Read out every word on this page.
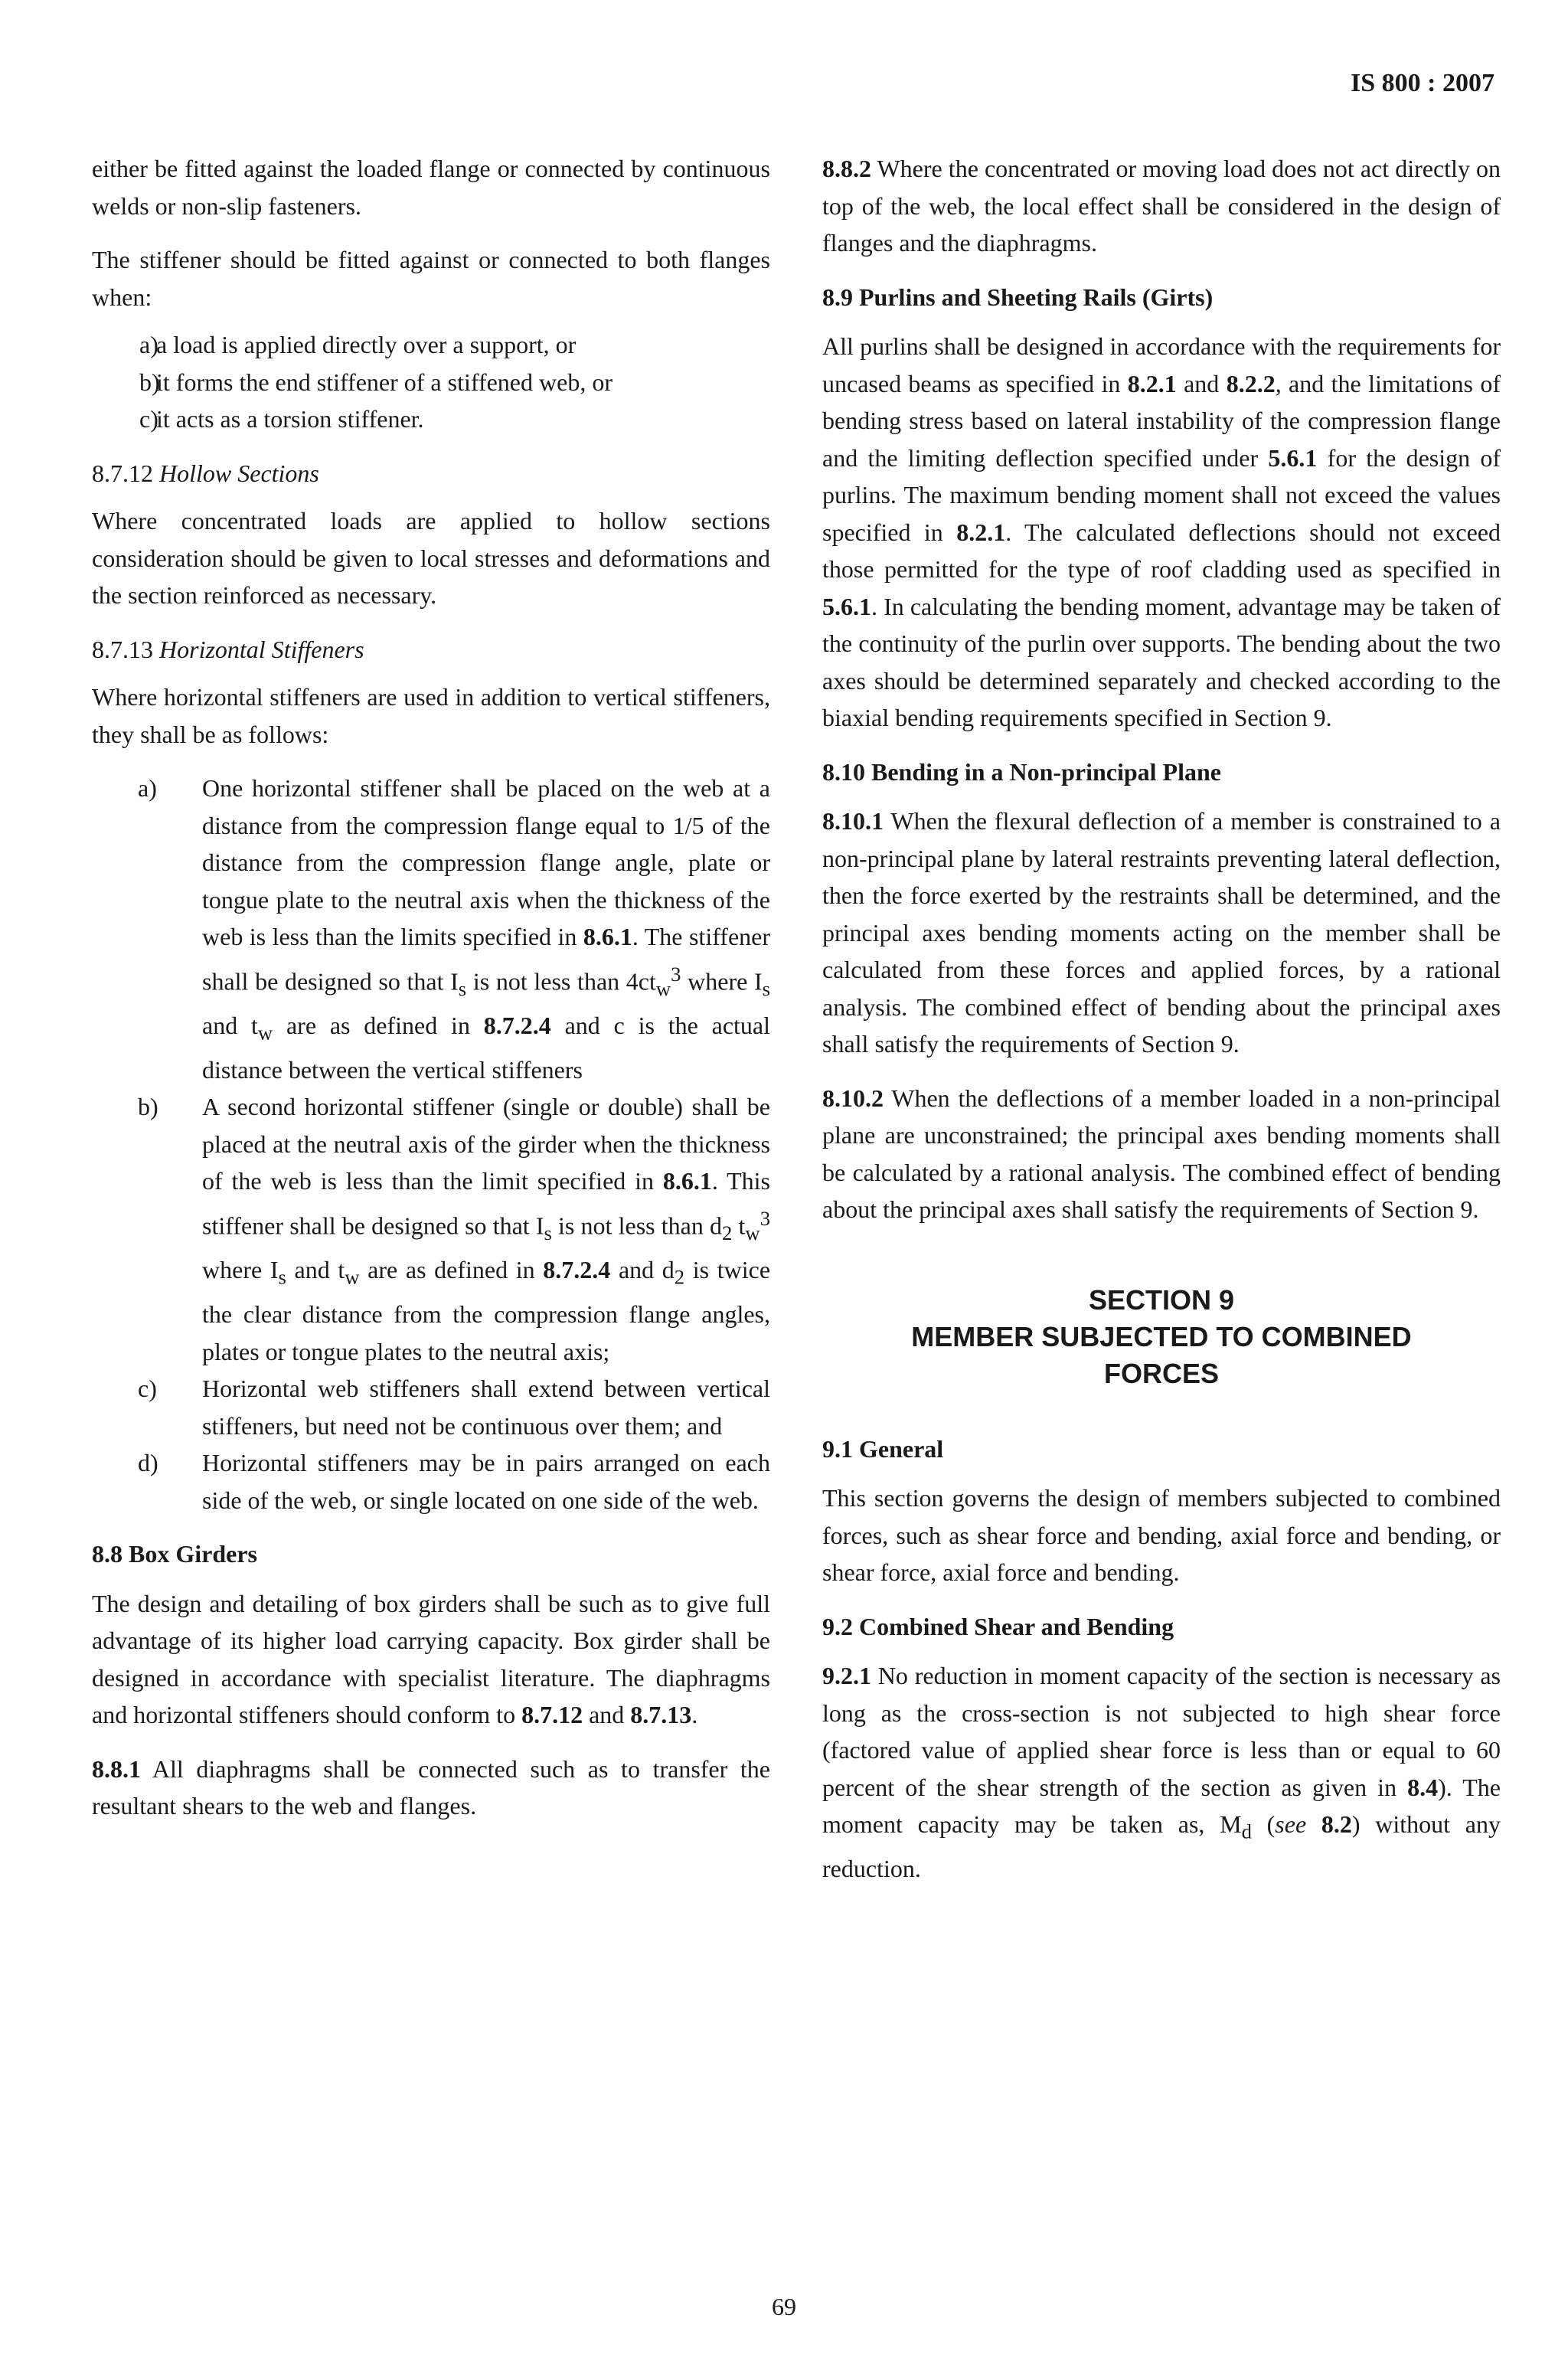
IS 800 : 2007

either be fitted against the loaded flange or connected by continuous welds or non-slip fasteners.

The stiffener should be fitted against or connected to both flanges when:

a)
a load is applied directly over a support, or
b)
it forms the end stiffener of a stiffened web, or
c)
it acts as a torsion stiffener.

8.7.12 Hollow Sections

Where concentrated loads are applied to hollow sections consideration should be given to local stresses and deformations and the section reinforced as necessary.

8.7.13 Horizontal Stiffeners

Where horizontal stiffeners are used in addition to vertical stiffeners, they shall be as follows:

a)	One horizontal stiffener shall be placed on the web at a distance from the compression flange equal to 1/5 of the distance from the compression flange angle, plate or tongue plate to the neutral axis when the thickness of the web is less than the limits specified in 8.6.1. The stiffener shall be designed so that $I_s$ is not less than $4ct_w^3$ where $I_s$ and $t_w$ are as defined in 8.7.2.4 and c is the actual distance between the vertical stiffeners
b)	A second horizontal stiffener (single or double) shall be placed at the neutral axis of the girder when the thickness of the web is less than the limit specified in 8.6.1. This stiffener shall be designed so that $I_s$ is not less than $d_2$ $t_w^3$ where $I_s$ and $t_w$ are as defined in 8.7.2.4 and $d_2$ is twice the clear distance from the compression flange angles, plates or tongue plates to the neutral axis;
c)	Horizontal web stiffeners shall extend between vertical stiffeners, but need not be continuous over them; and
d)	Horizontal stiffeners may be in pairs arranged on each side of the web, or single located on one side of the web.
8.8 Box Girders

The design and detailing of box girders shall be such as to give full advantage of its higher load carrying capacity. Box girder shall be designed in accordance with specialist literature. The diaphragms and horizontal stiffeners should conform to 8.7.12 and 8.7.13.

8.8.1 All diaphragms shall be connected such as to transfer the resultant shears to the web and flanges.

8.8.2 Where the concentrated or moving load does not act directly on top of the web, the local effect shall be considered in the design of flanges and the diaphragms.

8.9 Purlins and Sheeting Rails (Girts)

All purlins shall be designed in accordance with the requirements for uncased beams as specified in 8.2.1 and 8.2.2, and the limitations of bending stress based on lateral instability of the compression flange and the limiting deflection specified under 5.6.1 for the design of purlins. The maximum bending moment shall not exceed the values specified in 8.2.1. The calculated deflections should not exceed those permitted for the type of roof cladding used as specified in 5.6.1. In calculating the bending moment, advantage may be taken of the continuity of the purlin over supports. The bending about the two axes should be determined separately and checked according to the biaxial bending requirements specified in Section 9.

8.10 Bending in a Non-principal Plane

8.10.1 When the flexural deflection of a member is constrained to a non-principal plane by lateral restraints preventing lateral deflection, then the force exerted by the restraints shall be determined, and the principal axes bending moments acting on the member shall be calculated from these forces and applied forces, by a rational analysis. The combined effect of bending about the principal axes shall satisfy the requirements of Section 9.

8.10.2 When the deflections of a member loaded in a non-principal plane are unconstrained; the principal axes bending moments shall be calculated by a rational analysis. The combined effect of bending about the principal axes shall satisfy the requirements of Section 9.

SECTION 9
MEMBER SUBJECTED TO COMBINED
FORCES
9.1 General

This section governs the design of members subjected to combined forces, such as shear force and bending, axial force and bending, or shear force, axial force and bending.

9.2 Combined Shear and Bending

9.2.1 No reduction in moment capacity of the section is necessary as long as the cross-section is not subjected to high shear force (factored value of applied shear force is less than or equal to 60 percent of the shear strength of the section as given in 8.4). The moment capacity may be taken as, $M_d$ (see 8.2) without any reduction.

69
